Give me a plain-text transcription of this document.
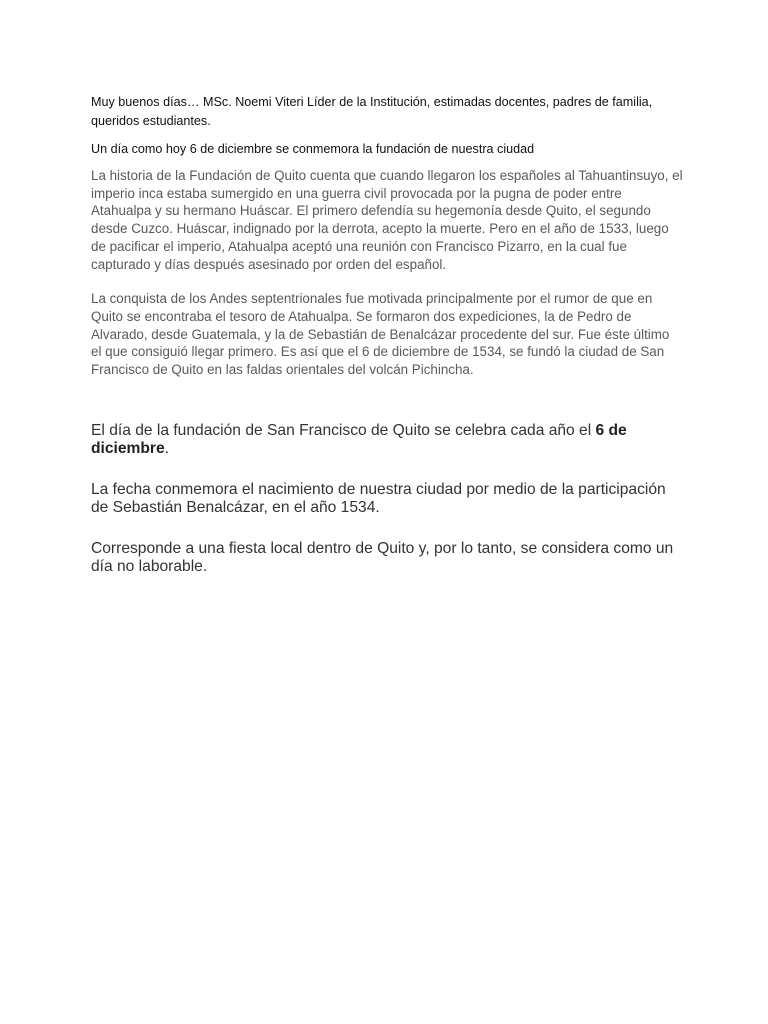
Muy buenos días… MSc. Noemi Viteri Líder de la Institución, estimadas docentes, padres de familia, queridos estudiantes.

Un día como hoy 6 de diciembre se conmemora la fundación de nuestra ciudad

La historia de la Fundación de Quito cuenta que cuando llegaron los españoles al Tahuantinsuyo, el imperio inca estaba sumergido en una guerra civil provocada por la pugna de poder entre Atahualpa y su hermano Huáscar. El primero defendía su hegemonía desde Quito, el segundo desde Cuzco. Huáscar, indignado por la derrota, acepto la muerte. Pero en el año de 1533, luego de pacificar el imperio, Atahualpa aceptó una reunión con Francisco Pizarro, en la cual fue capturado y días después asesinado por orden del español.

La conquista de los Andes septentrionales fue motivada principalmente por el rumor de que en Quito se encontraba el tesoro de Atahualpa. Se formaron dos expediciones, la de Pedro de Alvarado, desde Guatemala, y la de Sebastián de Benalcázar procedente del sur. Fue éste último el que consiguió llegar primero. Es así que el 6 de diciembre de 1534, se fundó la ciudad de San Francisco de Quito en las faldas orientales del volcán Pichincha.

El día de la fundación de San Francisco de Quito se celebra cada año el 6 de diciembre.

La fecha conmemora el nacimiento de nuestra ciudad por medio de la participación de Sebastián Benalcázar, en el año 1534.

Corresponde a una fiesta local dentro de Quito y, por lo tanto, se considera como un día no laborable.
